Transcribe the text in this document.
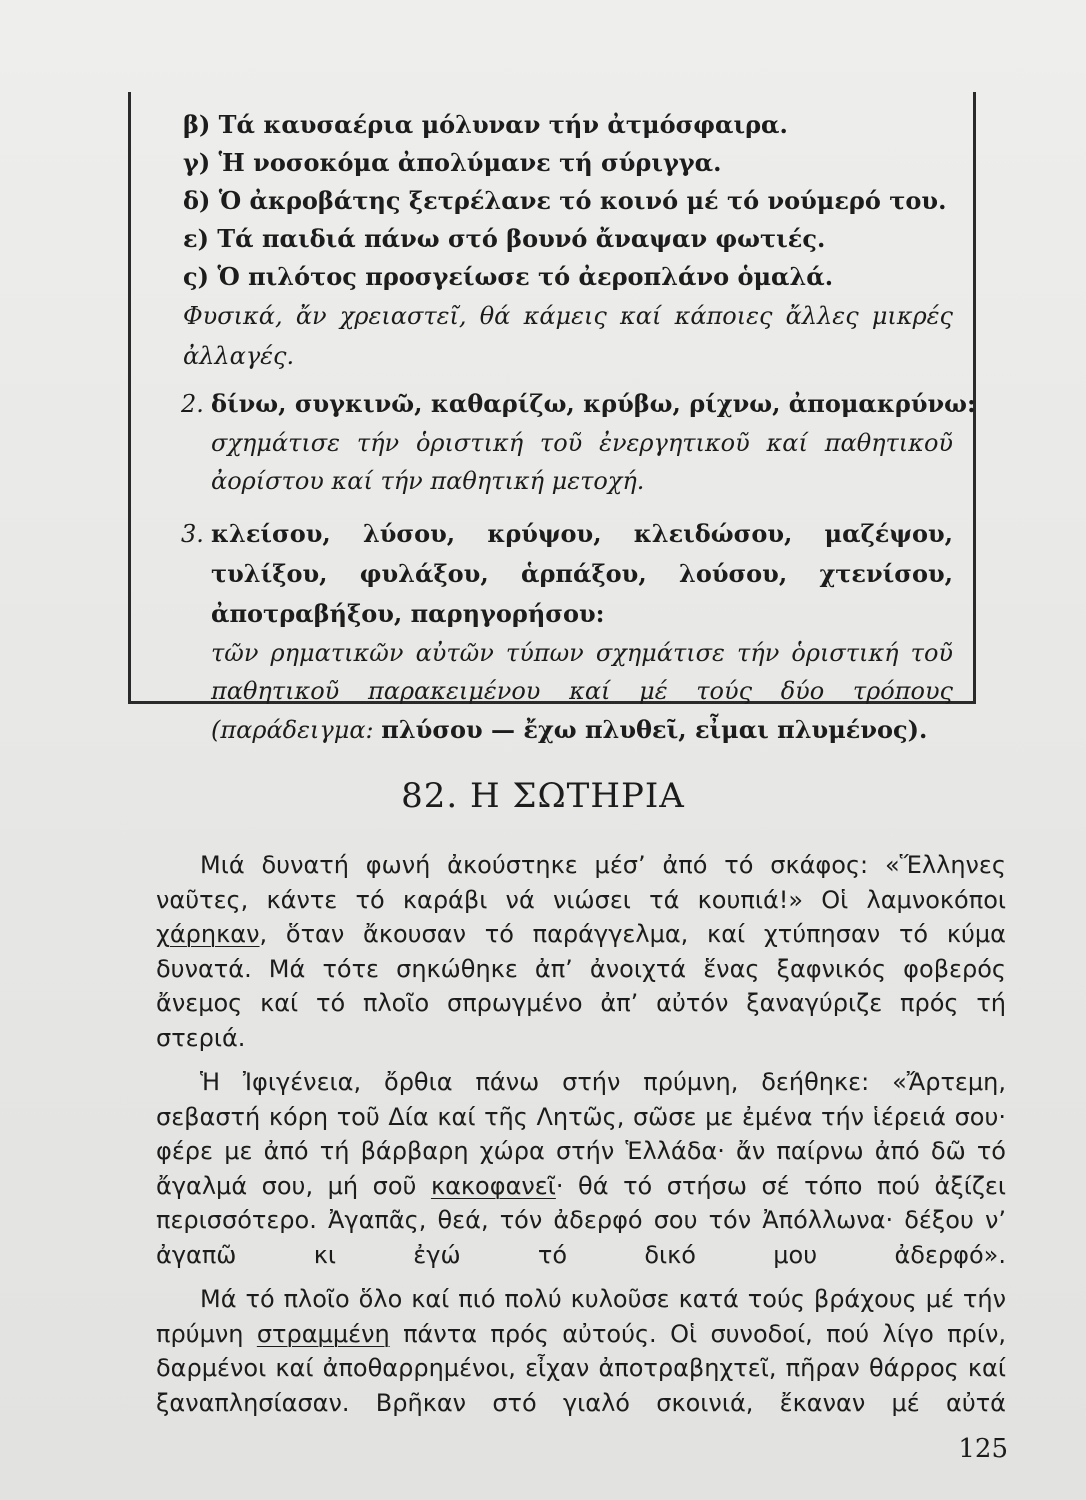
β) Τά καυσαέρια μόλυναν τήν ἀτμόσφαιρα.

γ) Ἡ νοσοκόμα ἀπολύμανε τή σύριγγα.

δ) Ὁ ἀκροβάτης ξετρέλανε τό κοινό μέ τό νούμερό του.

ε) Τά παιδιά πάνω στό βουνό ἄναψαν φωτιές.

ς) Ὁ πιλότος προσγείωσε τό ἀεροπλάνο ὁμαλά.

Φυσικά, ἄν χρειαστεῖ, θά κάμεις καί κάποιες ἄλλες μικρές ἀλλαγές.

2. δίνω, συγκινῶ, καθαρίζω, κρύβω, ρίχνω, ἀπομακρύνω:

σχημάτισε τήν ὁριστική τοῦ ἐνεργητικοῦ καί παθητικοῦ ἀορίστου καί τήν παθητική μετοχή.

3. κλείσου, λύσου, κρύψου, κλειδώσου, μαζέψου, τυλίξου, φυλάξου, ἁρπάξου, λούσου, χτενίσου, ἀποτραβήξου, παρηγορήσου:

τῶν ρηματικῶν αὐτῶν τύπων σχημάτισε τήν ὁριστική τοῦ παθητικοῦ παρακειμένου καί μέ τούς δύο τρόπους (παράδειγμα: πλύσου — ἔχω πλυθεῖ, εἶμαι πλυμένος).

82. Η ΣΩΤΗΡΙΑ

Μιά δυνατή φωνή ἀκούστηκε μέσ’ ἀπό τό σκάφος: «Ἕλληνες ναῦτες, κάντε τό καράβι νά νιώσει τά κουπιά!» Οἱ λαμνοκόποι χάρηκαν, ὅταν ἄκουσαν τό παράγγελμα, καί χτύπησαν τό κύμα δυνατά. Μά τότε σηκώθηκε ἀπ’ ἀνοιχτά ἕνας ξαφνικός φοβερός ἄνεμος καί τό πλοῖο σπρωγμένο ἀπ’ αὐτόν ξαναγύριζε πρός τή στεριά.

Ἡ Ἰφιγένεια, ὄρθια πάνω στήν πρύμνη, δεήθηκε: «Ἄρτεμη, σεβαστή κόρη τοῦ Δία καί τῆς Λητῶς, σῶσε με ἐμένα τήν ἱέρειά σου· φέρε με ἀπό τή βάρβαρη χώρα στήν Ἑλλάδα· ἄν παίρνω ἀπό δῶ τό ἄγαλμά σου, μή σοῦ κακοφανεῖ· θά τό στήσω σέ τόπο πού ἀξίζει περισσότερο. Ἀγαπᾶς, θεά, τόν ἀδερφό σου τόν Ἀπόλλωνα· δέξου ν’ ἀγαπῶ κι ἐγώ τό δικό μου ἀδερφό».

Μά τό πλοῖο ὅλο καί πιό πολύ κυλοῦσε κατά τούς βράχους μέ τήν πρύμνη στραμμένη πάντα πρός αὐτούς. Οἱ συνοδοί, πού λίγο πρίν, δαρμένοι καί ἀποθαρρημένοι, εἶχαν ἀποτραβηχτεῖ, πῆραν θάρρος καί ξαναπλησίασαν. Βρῆκαν στό γιαλό σκοινιά, ἔκαναν μέ αὐτά

125
